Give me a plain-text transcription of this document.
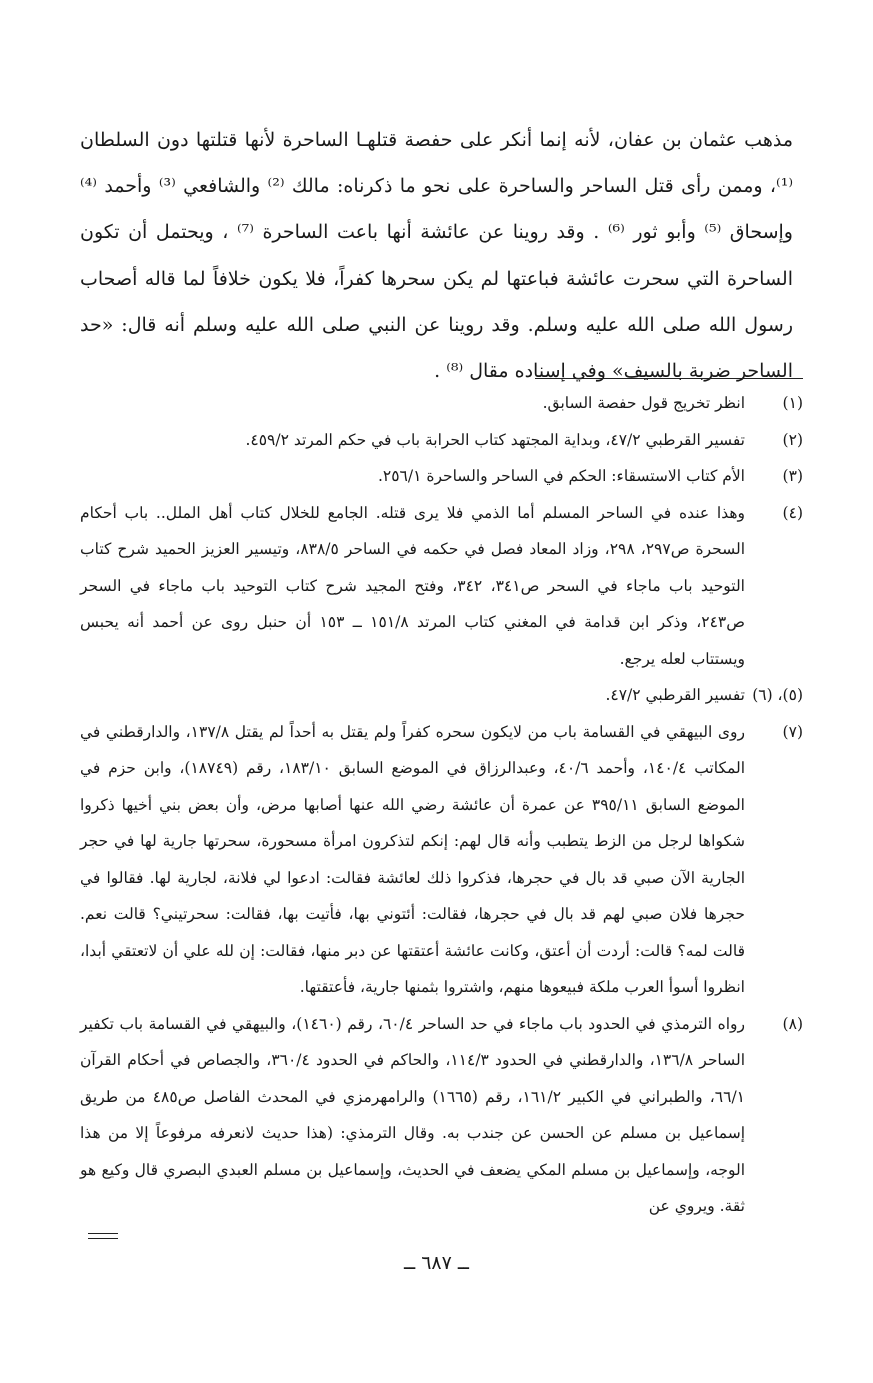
مذهب عثمان بن عفان، لأنه إنما أنكر على حفصة قتلهـا الساحرة لأنها قتلتها دون السلطان ⁽¹⁾، وممن رأى قتل الساحر والساحرة على نحو ما ذكرناه: مالك ⁽²⁾ والشافعي ⁽³⁾ وأحمد ⁽⁴⁾ وإسحاق ⁽⁵⁾ وأبو ثور ⁽⁶⁾ . وقد روينا عن عائشة أنها باعت الساحرة ⁽⁷⁾ ، ويحتمل أن تكون الساحرة التي سحرت عائشة فباعتها لم يكن سحرها كفراً، فلا يكون خلافاً لما قاله أصحاب رسول الله صلى الله عليه وسلم. وقد روينا عن النبي صلى الله عليه وسلم أنه قال: «حد الساحر ضربة بالسيف» وفي إسناده مقال ⁽⁸⁾ .

(١)
انظر تخريج قول حفصة السابق.
(٢)
تفسير القرطبي ٤٧/٢، وبداية المجتهد كتاب الحرابة باب في حكم المرتد ٤٥٩/٢.
(٣)
الأم كتاب الاستسقاء: الحكم في الساحر والساحرة ٢٥٦/١.
(٤)
وهذا عنده في الساحر المسلم أما الذمي فلا يرى قتله. الجامع للخلال كتاب أهل الملل.. باب أحكام السحرة ص٢٩٧، ٢٩٨، وزاد المعاد فصل في حكمه في الساحر ٨٣٨/٥، وتيسير العزيز الحميد شرح كتاب التوحيد باب ماجاء في السحر ص٣٤١، ٣٤٢، وفتح المجيد شرح كتاب التوحيد باب ماجاء في السحر ص٢٤٣، وذكر ابن قدامة في المغني كتاب المرتد ١٥١/٨ ــ ١٥٣ أن حنبل روى عن أحمد أنه يحبس ويستتاب لعله يرجع.
(٥)، (٦)
تفسير القرطبي ٤٧/٢.
(٧)
روى البيهقي في القسامة باب من لايكون سحره كفراً ولم يقتل به أحداً لم يقتل ١٣٧/٨، والدارقطني في المكاتب ١٤٠/٤، وأحمد ٤٠/٦، وعبدالرزاق في الموضع السابق ١٨٣/١٠، رقم (١٨٧٤٩)، وابن حزم في الموضع السابق ٣٩٥/١١ عن عمرة أن عائشة رضي الله عنها أصابها مرض، وأن بعض بني أخيها ذكروا شكواها لرجل من الزط يتطبب وأنه قال لهم: إنكم لتذكرون امرأة مسحورة، سحرتها جارية لها في حجر الجارية الآن صبي قد بال في حجرها، فذكروا ذلك لعائشة فقالت: ادعوا لي فلانة، لجارية لها. فقالوا في حجرها فلان صبي لهم قد بال في حجرها، فقالت: أئتوني بها، فأتيت بها، فقالت: سحرتيني؟ قالت نعم. قالت لمه؟ قالت: أردت أن أعتق، وكانت عائشة أعتقتها عن دبر منها، فقالت: إن لله علي أن لاتعتقي أبدا، انظروا أسوأ العرب ملكة فبيعوها منهم، واشتروا بثمنها جارية، فأعتقتها.
(٨)
رواه الترمذي في الحدود باب ماجاء في حد الساحر ٦٠/٤، رقم (١٤٦٠)، والبيهقي في القسامة باب تكفير الساحر ١٣٦/٨، والدارقطني في الحدود ١١٤/٣، والحاكم في الحدود ٣٦٠/٤، والجصاص في أحكام القرآن ٦٦/١، والطبراني في الكبير ١٦١/٢، رقم (١٦٦٥) والرامهرمزي في المحدث الفاصل ص٤٨٥ من طريق إسماعيل بن مسلم عن الحسن عن جندب به. وقال الترمذي: (هذا حديث لانعرفه مرفوعاً إلا من هذا الوجه، وإسماعيل بن مسلم المكي يضعف في الحديث، وإسماعيل بن مسلم العبدي البصري قال وكيع هو ثقة. ويروي عن
ــ ٦٨٧ ــ
